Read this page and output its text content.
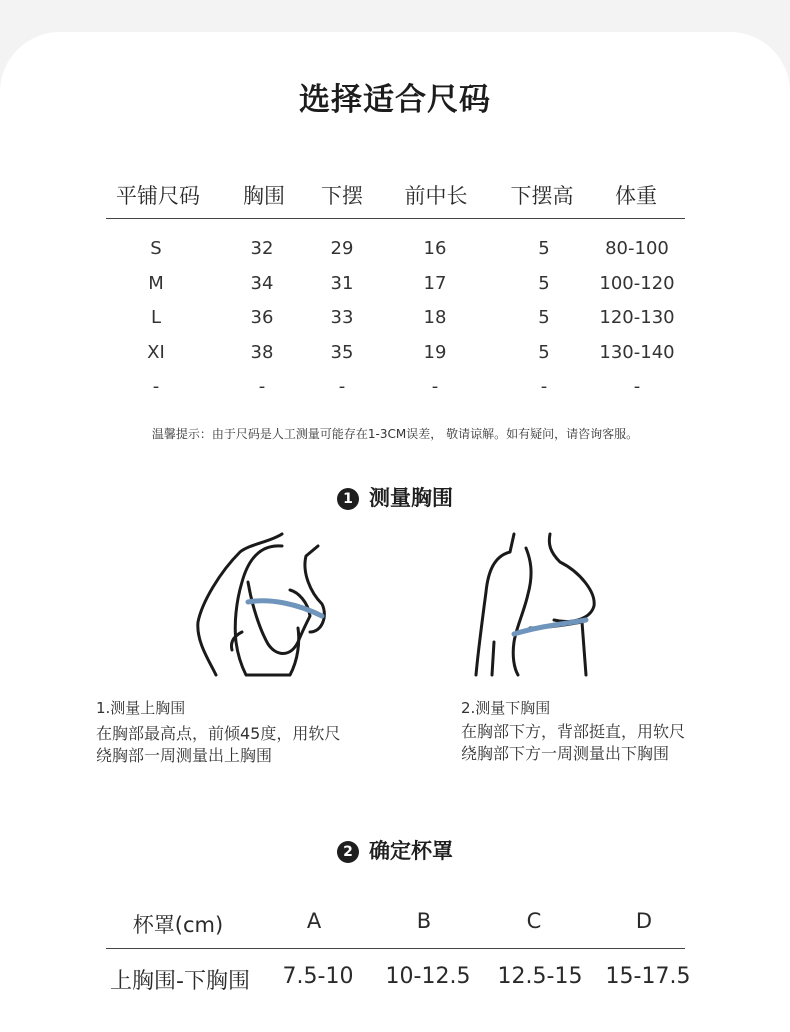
选择适合尺码
平铺尺码	胸围	下摆	前中长	下摆高	体重
S	32	29	16	5	80-100
M	34	31	17	5	100-120
L	36	33	18	5	120-130
XI	38	35	19	5	130-140
-	-	-	-	-	-
温馨提示：由于尺码是人工测量可能存在1-3CM误差， 敬请谅解。如有疑问，请咨询客服。
1 测量胸围
1.测量上胸围
在胸部最高点，前倾45度，用软尺
绕胸部一周测量出上胸围
2.测量下胸围
在胸部下方，背部挺直，用软尺
绕胸部下方一周测量出下胸围
2 确定杯罩
杯罩(cm)	A	B	C	D
上胸围-下胸围	7.5-10	10-12.5	12.5-15	15-17.5
